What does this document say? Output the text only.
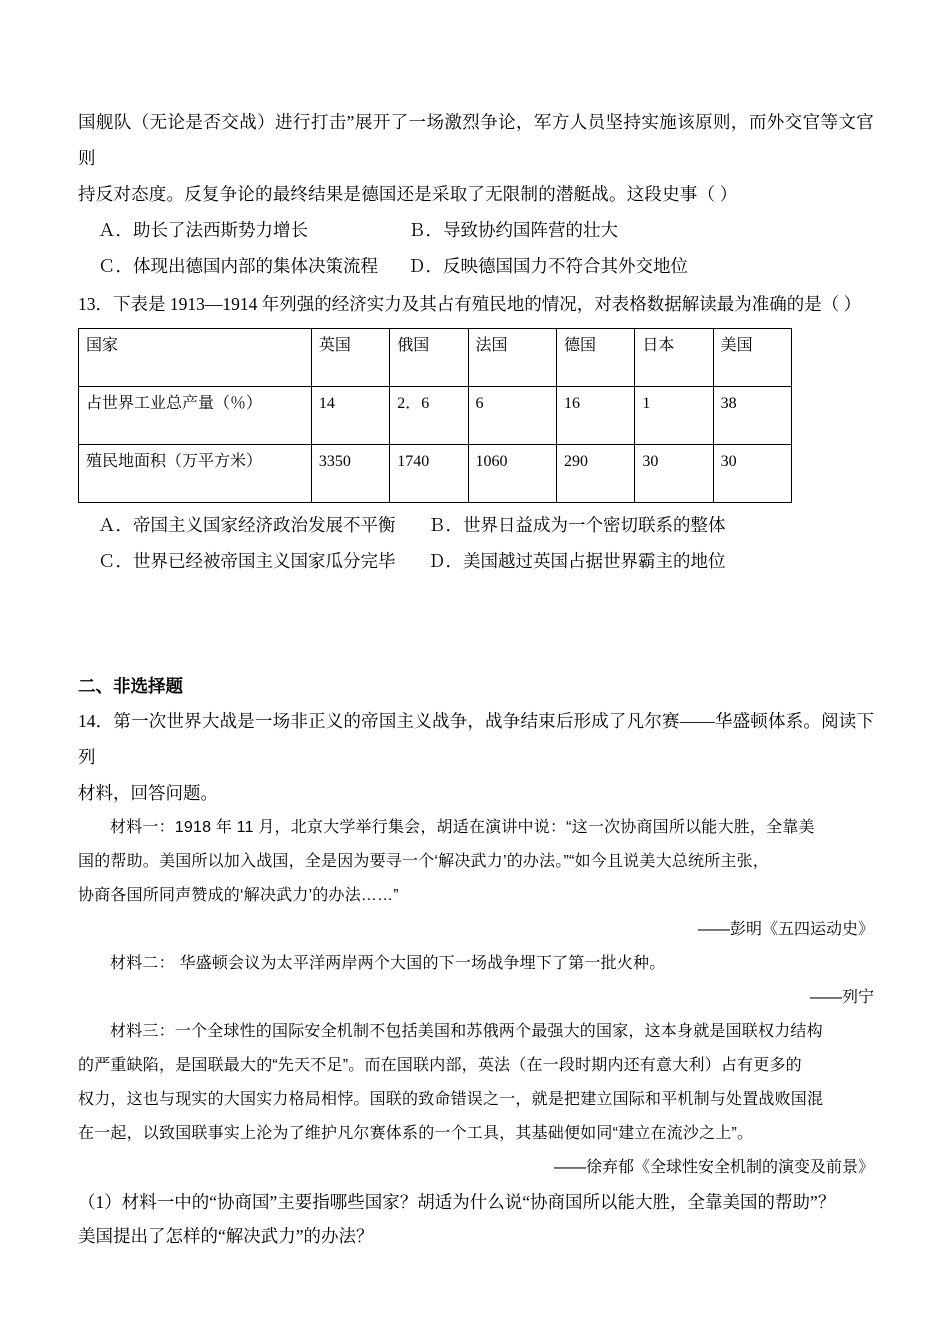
国舰队（无论是否交战）进行打击”展开了一场激烈争论，军方人员坚持实施该原则，而外交官等文官则

持反对态度。反复争论的最终结果是德国还是采取了无限制的潜艇战。这段史事（ ）

Ａ．助长了法西斯势力增长	Ｂ．导致协约国阵营的壮大
Ｃ．体现出德国内部的集体决策流程	Ｄ．反映德国国力不符合其外交地位
13．下表是 1913—1914 年列强的经济实力及其占有殖民地的情况，对表格数据解读最为准确的是（ ）
国家	英国	俄国	法国	德国	日本	美国
占世界工业总产量（％）	14	2．6	6	16	1	38
殖民地面积（万平方米）	3350	1740	1060	290	30	30
Ａ．帝国主义国家经济政治发展不平衡	Ｂ．世界日益成为一个密切联系的整体
Ｃ．世界已经被帝国主义国家瓜分完毕	Ｄ．美国越过英国占据世界霸主的地位
二、非选择题
14．第一次世界大战是一场非正义的帝国主义战争，战争结束后形成了凡尔赛——华盛顿体系。阅读下列
材料，回答问题。
材料一：1918 年 11 月，北京大学举行集会，胡适在演讲中说：“这一次协商国所以能大胜，全靠美
国的帮助。美国所以加入战国，全是因为要寻一个‘解决武力’的办法。”“如今且说美大总统所主张，
协商各国所同声赞成的‘解决武力’的办法……”
——彭明《五四运动史》
材料二： 华盛顿会议为太平洋两岸两个大国的下一场战争埋下了第一批火种。
——列宁
材料三：一个全球性的国际安全机制不包括美国和苏俄两个最强大的国家，这本身就是国联权力结构
的严重缺陷，是国联最大的“先天不足”。而在国联内部，英法（在一段时期内还有意大利）占有更多的
权力，这也与现实的大国实力格局相悖。国联的致命错误之一，就是把建立国际和平机制与处置战败国混
在一起，以致国联事实上沦为了维护凡尔赛体系的一个工具，其基础便如同“建立在流沙之上”。
——徐弃郁《全球性安全机制的演变及前景》
（1）材料一中的“协商国”主要指哪些国家？胡适为什么说“协商国所以能大胜，全靠美国的帮助”？
美国提出了怎样的“解决武力”的办法？
